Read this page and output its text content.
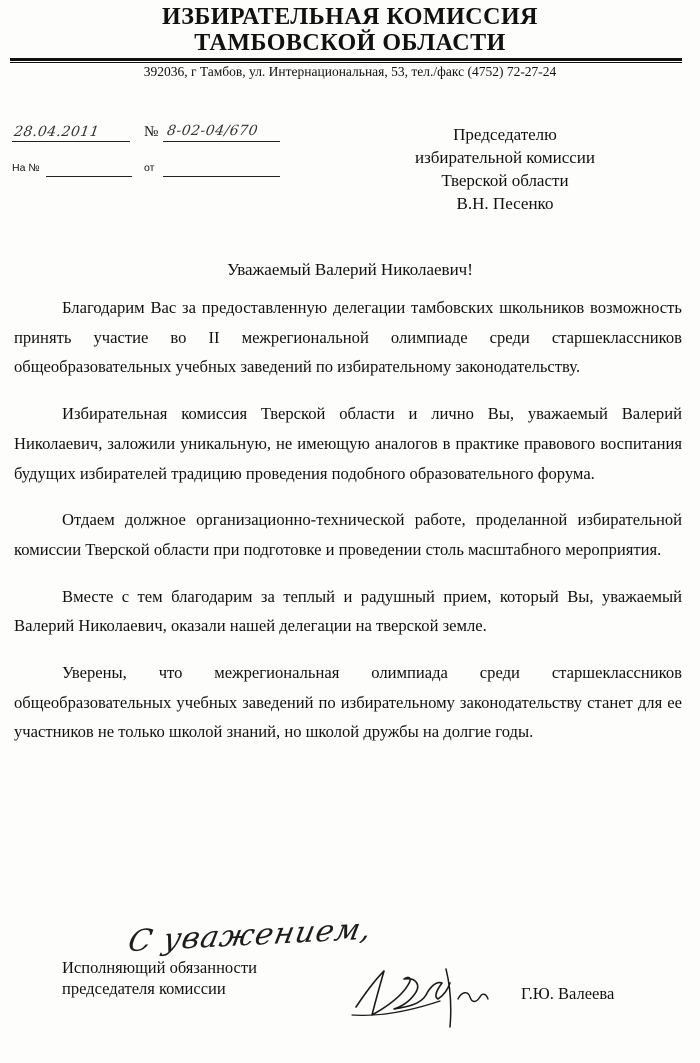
ИЗБИРАТЕЛЬНАЯ КОМИССИЯ
ТАМБОВСКОЙ ОБЛАСТИ
392036, г Тамбов, ул. Интернациональная, 53, тел./факс (4752) 72-27-24
28.04.2011	№ 8-02-04/670
На №	от
Председателю
избирательной комиссии
Тверской области
В.Н. Песенко
Уважаемый Валерий Николаевич!

Благодарим Вас за предоставленную делегации тамбовских школьников возможность принять участие во II межрегиональной олимпиаде среди старшеклассников общеобразовательных учебных заведений по избирательному законодательству.

Избирательная комиссия Тверской области и лично Вы, уважаемый Валерий Николаевич, заложили уникальную, не имеющую аналогов в практике правового воспитания будущих избирателей традицию проведения подобного образовательного форума.

Отдаем должное организационно-технической работе, проделанной избирательной комиссии Тверской области при подготовке и проведении столь масштабного мероприятия.

Вместе с тем благодарим за теплый и радушный прием, который Вы, уважаемый Валерий Николаевич, оказали нашей делегации на тверской земле.

Уверены, что межрегиональная олимпиада среди старшеклассников общеобразовательных учебных заведений по избирательному законодательству станет для ее участников не только школой знаний, но школой дружбы на долгие годы.

С уважением,
Исполняющий обязанности
председателя комиссии	Г.Ю. Валеева
